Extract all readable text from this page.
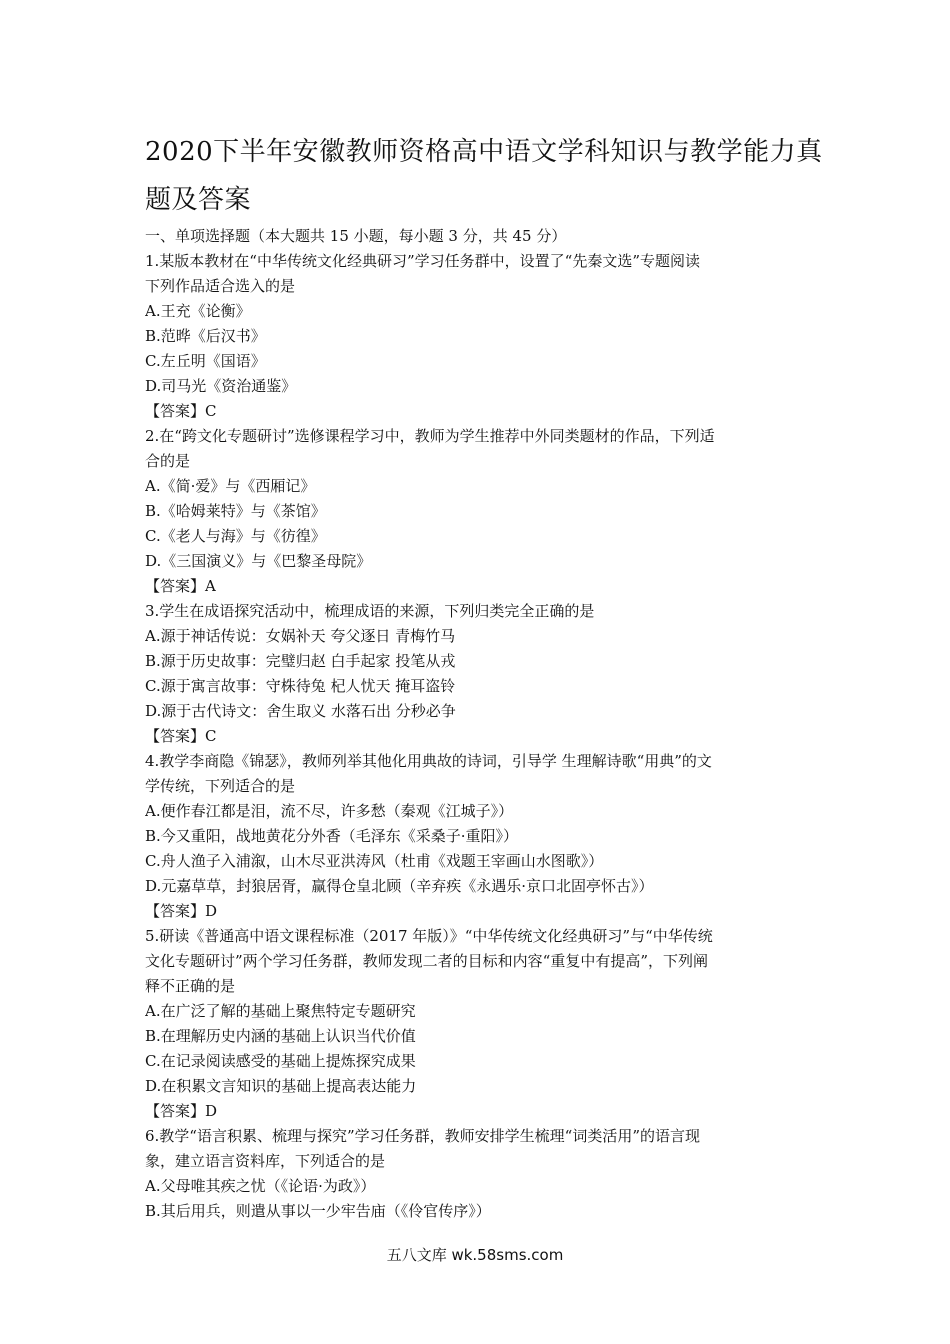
2020下半年安徽教师资格高中语文学科知识与教学能力真
题及答案
一、单项选择题（本大题共 15 小题，每小题 3 分，共 45 分）
1.某版本教材在“中华传统文化经典研习”学习任务群中，设置了“先秦文选”专题阅读
下列作品适合选入的是
A.王充《论衡》
B.范晔《后汉书》
C.左丘明《国语》
D.司马光《资治通鉴》
【答案】C
2.在“跨文化专题研讨”选修课程学习中，教师为学生推荐中外同类题材的作品，下列适
合的是
A.《简·爱》与《西厢记》
B.《哈姆莱特》与《茶馆》
C.《老人与海》与《彷徨》
D.《三国演义》与《巴黎圣母院》
【答案】A
3.学生在成语探究活动中，梳理成语的来源，下列归类完全正确的是
A.源于神话传说：女娲补天 夸父逐日 青梅竹马
B.源于历史故事：完璧归赵 白手起家 投笔从戎
C.源于寓言故事：守株待兔 杞人忧天 掩耳盗铃
D.源于古代诗文：舍生取义 水落石出 分秒必争
【答案】C
4.教学李商隐《锦瑟》，教师列举其他化用典故的诗词，引导学 生理解诗歌“用典”的文
学传统，下列适合的是
A.便作春江都是泪，流不尽，许多愁（秦观《江城子》）
B.今又重阳，战地黄花分外香（毛泽东《采桑子·重阳》）
C.舟人渔子入浦溆，山木尽亚洪涛风（杜甫《戏题王宰画山水图歌》）
D.元嘉草草，封狼居胥，赢得仓皇北顾（辛弃疾《永遇乐·京口北固亭怀古》）
【答案】D
5.研读《普通高中语文课程标准（2017 年版）》“中华传统文化经典研习”与“中华传统
文化专题研讨”两个学习任务群，教师发现二者的目标和内容“重复中有提高”，下列阐
释不正确的是
A.在广泛了解的基础上聚焦特定专题研究
B.在理解历史内涵的基础上认识当代价值
C.在记录阅读感受的基础上提炼探究成果
D.在积累文言知识的基础上提高表达能力
【答案】D
6.教学“语言积累、梳理与探究”学习任务群，教师安排学生梳理“词类活用”的语言现
象，建立语言资料库，下列适合的是
A.父母唯其疾之忧（《论语·为政》）
B.其后用兵，则遣从事以一少牢告庙（《伶官传序》）
五八文库 wk.58sms.com
